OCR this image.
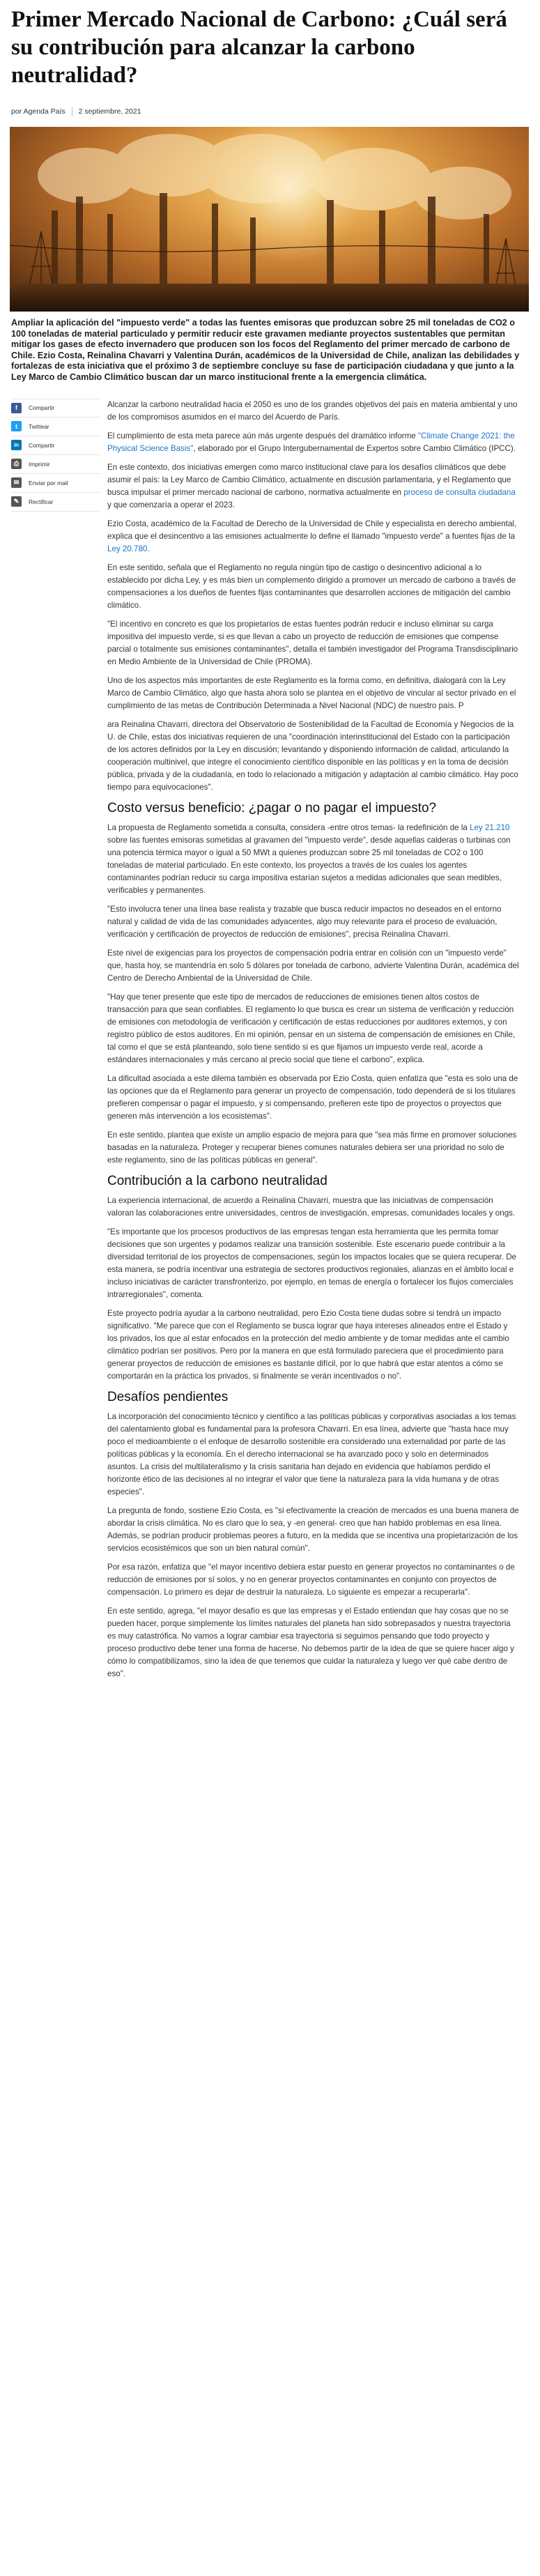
Primer Mercado Nacional de Carbono: ¿Cuál será su contribución para alcanzar la carbono neutralidad?
por Agenda País 2 septiembre, 2021

Ampliar la aplicación del "impuesto verde" a todas las fuentes emisoras que produzcan sobre 25 mil toneladas de CO2 o 100 toneladas de material particulado y permitir reducir este gravamen mediante proyectos sustentables que permitan mitigar los gases de efecto invernadero que producen son los focos del Reglamento del primer mercado de carbono de Chile. Ezio Costa, Reinalina Chavarri y Valentina Durán, académicos de la Universidad de Chile, analizan las debilidades y fortalezas de esta iniciativa que el próximo 3 de septiembre concluye su fase de participación ciudadana y que junto a la Ley Marco de Cambio Climático buscan dar un marco institucional frente a la emergencia climática.

f	Compartir
t	Twittear
in	Compartir
⎙	Imprimir
✉	Enviar por mail
✎	Rectificar

Alcanzar la carbono neutralidad hacia el 2050 es uno de los grandes objetivos del país en materia ambiental y uno de los compromisos asumidos en el marco del Acuerdo de París.

El cumplimiento de esta meta parece aún más urgente después del dramático informe "Climate Change 2021: the Physical Science Basis", elaborado por el Grupo Intergubernamental de Expertos sobre Cambio Climático (IPCC).

En este contexto, dos iniciativas emergen como marco institucional clave para los desafíos climáticos que debe asumir el país: la Ley Marco de Cambio Climático, actualmente en discusión parlamentaria, y el Reglamento que busca impulsar el primer mercado nacional de carbono, normativa actualmente en proceso de consulta ciudadana y que comenzaría a operar el 2023.

Ezio Costa, académico de la Facultad de Derecho de la Universidad de Chile y especialista en derecho ambiental, explica que el desincentivo a las emisiones actualmente lo define el llamado "impuesto verde" a fuentes fijas de la Ley 20.780.

En este sentido, señala que el Reglamento no regula ningún tipo de castigo o desincentivo adicional a lo establecido por dicha Ley, y es más bien un complemento dirigido a promover un mercado de carbono a través de compensaciones a los dueños de fuentes fijas contaminantes que desarrollen acciones de mitigación del cambio climático.

"El incentivo en concreto es que los propietarios de estas fuentes podrán reducir e incluso eliminar su carga impositiva del impuesto verde, si es que llevan a cabo un proyecto de reducción de emisiones que compense parcial o totalmente sus emisiones contaminantes", detalla el también investigador del Programa Transdisciplinario en Medio Ambiente de la Universidad de Chile (PROMA).

Uno de los aspectos más importantes de este Reglamento es la forma como, en definitiva, dialogará con la Ley Marco de Cambio Climático, algo que hasta ahora solo se plantea en el objetivo de vincular al sector privado en el cumplimiento de las metas de Contribución Determinada a Nivel Nacional (NDC) de nuestro país. P

ara Reinalina Chavarri, directora del Observatorio de Sostenibilidad de la Facultad de Economía y Negocios de la U. de Chile, estas dos iniciativas requieren de una "coordinación interinstitucional del Estado con la participación de los actores definidos por la Ley en discusión; levantando y disponiendo información de calidad, articulando la cooperación multinivel, que integre el conocimiento científico disponible en las políticas y en la toma de decisión pública, privada y de la ciudadanía, en todo lo relacionado a mitigación y adaptación al cambio climático. Hay poco tiempo para equivocaciones".

Costo versus beneficio: ¿pagar o no pagar el impuesto?

La propuesta de Reglamento sometida a consulta, considera -entre otros temas- la redefinición de la Ley 21.210 sobre las fuentes emisoras sometidas al gravamen del "impuesto verde", desde aquellas calderas o turbinas con una potencia térmica mayor o igual a 50 MWt a quienes produzcan sobre 25 mil toneladas de CO2 o 100 toneladas de material particulado. En este contexto, los proyectos a través de los cuales los agentes contaminantes podrían reducir su carga impositiva estarían sujetos a medidas adicionales que sean medibles, verificables y permanentes.

"Esto involucra tener una línea base realista y trazable que busca reducir impactos no deseados en el entorno natural y calidad de vida de las comunidades adyacentes, algo muy relevante para el proceso de evaluación, verificación y certificación de proyectos de reducción de emisiones", precisa Reinalina Chavarri.

Este nivel de exigencias para los proyectos de compensación podría entrar en colisión con un "impuesto verde" que, hasta hoy, se mantendría en solo 5 dólares por tonelada de carbono, advierte Valentina Durán, académica del Centro de Derecho Ambiental de la Universidad de Chile.

"Hay que tener presente que este tipo de mercados de reducciones de emisiones tienen altos costos de transacción para que sean confiables. El reglamento lo que busca es crear un sistema de verificación y reducción de emisiones con metodología de verificación y certificación de estas reducciones por auditores externos, y con registro público de estos auditores. En mi opinión, pensar en un sistema de compensación de emisiones en Chile, tal como el que se está planteando, solo tiene sentido si es que fijamos un impuesto verde real, acorde a estándares internacionales y más cercano al precio social que tiene el carbono", explica.

La dificultad asociada a este dilema también es observada por Ezio Costa, quien enfatiza que "esta es solo una de las opciones que da el Reglamento para generar un proyecto de compensación, todo dependerá de si los titulares prefieren compensar o pagar el impuesto, y si compensando, prefieren este tipo de proyectos o proyectos que generen más intervención a los ecosistemas".

En este sentido, plantea que existe un amplio espacio de mejora para que "sea más firme en promover soluciones basadas en la naturaleza. Proteger y recuperar bienes comunes naturales debiera ser una prioridad no solo de este reglamento, sino de las políticas públicas en general".

Contribución a la carbono neutralidad

La experiencia internacional, de acuerdo a Reinalina Chavarri, muestra que las iniciativas de compensación valoran las colaboraciones entre universidades, centros de investigación, empresas, comunidades locales y ongs.

"Es importante que los procesos productivos de las empresas tengan esta herramienta que les permita tomar decisiones que son urgentes y podamos realizar una transición sostenible. Este escenario puede contribuir a la diversidad territorial de los proyectos de compensaciones, según los impactos locales que se quiera recuperar. De esta manera, se podría incentivar una estrategia de sectores productivos regionales, alianzas en el ámbito local e incluso iniciativas de carácter transfronterizo, por ejemplo, en temas de energía o fortalecer los flujos comerciales intrarregionales", comenta.

Este proyecto podría ayudar a la carbono neutralidad, pero Ezio Costa tiene dudas sobre si tendrá un impacto significativo. "Me parece que con el Reglamento se busca lograr que haya intereses alineados entre el Estado y los privados, los que al estar enfocados en la protección del medio ambiente y de tomar medidas ante el cambio climático podrían ser positivos. Pero por la manera en que está formulado pareciera que el procedimiento para generar proyectos de reducción de emisiones es bastante difícil, por lo que habrá que estar atentos a cómo se comportarán en la práctica los privados, si finalmente se verán incentivados o no".

Desafíos pendientes

La incorporación del conocimiento técnico y científico a las políticas públicas y corporativas asociadas a los temas del calentamiento global es fundamental para la profesora Chavarri. En esa línea, advierte que "hasta hace muy poco el medioambiente o el enfoque de desarrollo sostenible era considerado una externalidad por parte de las políticas públicas y la economía. En el derecho internacional se ha avanzado poco y solo en determinados asuntos. La crisis del multilateralismo y la crisis sanitaria han dejado en evidencia que habíamos perdido el horizonte ético de las decisiones al no integrar el valor que tiene la naturaleza para la vida humana y de otras especies".

La pregunta de fondo, sostiene Ezio Costa, es "si efectivamente la creación de mercados es una buena manera de abordar la crisis climática. No es claro que lo sea, y -en general- creo que han habido problemas en esa línea. Además, se podrían producir problemas peores a futuro, en la medida que se incentiva una propietarización de los servicios ecosistémicos que son un bien natural común".

Por esa razón, enfatiza que "el mayor incentivo debiera estar puesto en generar proyectos no contaminantes o de reducción de emisiones por sí solos, y no en generar proyectos contaminantes en conjunto con proyectos de compensación. Lo primero es dejar de destruir la naturaleza. Lo siguiente es empezar a recuperarla".

En este sentido, agrega, "el mayor desafío es que las empresas y el Estado entiendan que hay cosas que no se pueden hacer, porque simplemente los límites naturales del planeta han sido sobrepasados y nuestra trayectoria es muy catastrófica. No vamos a lograr cambiar esa trayectoria si seguimos pensando que todo proyecto y proceso productivo debe tener una forma de hacerse. No debemos partir de la idea de que se quiere hacer algo y cómo lo compatibilizamos, sino la idea de que tenemos que cuidar la naturaleza y luego ver qué cabe dentro de eso".
